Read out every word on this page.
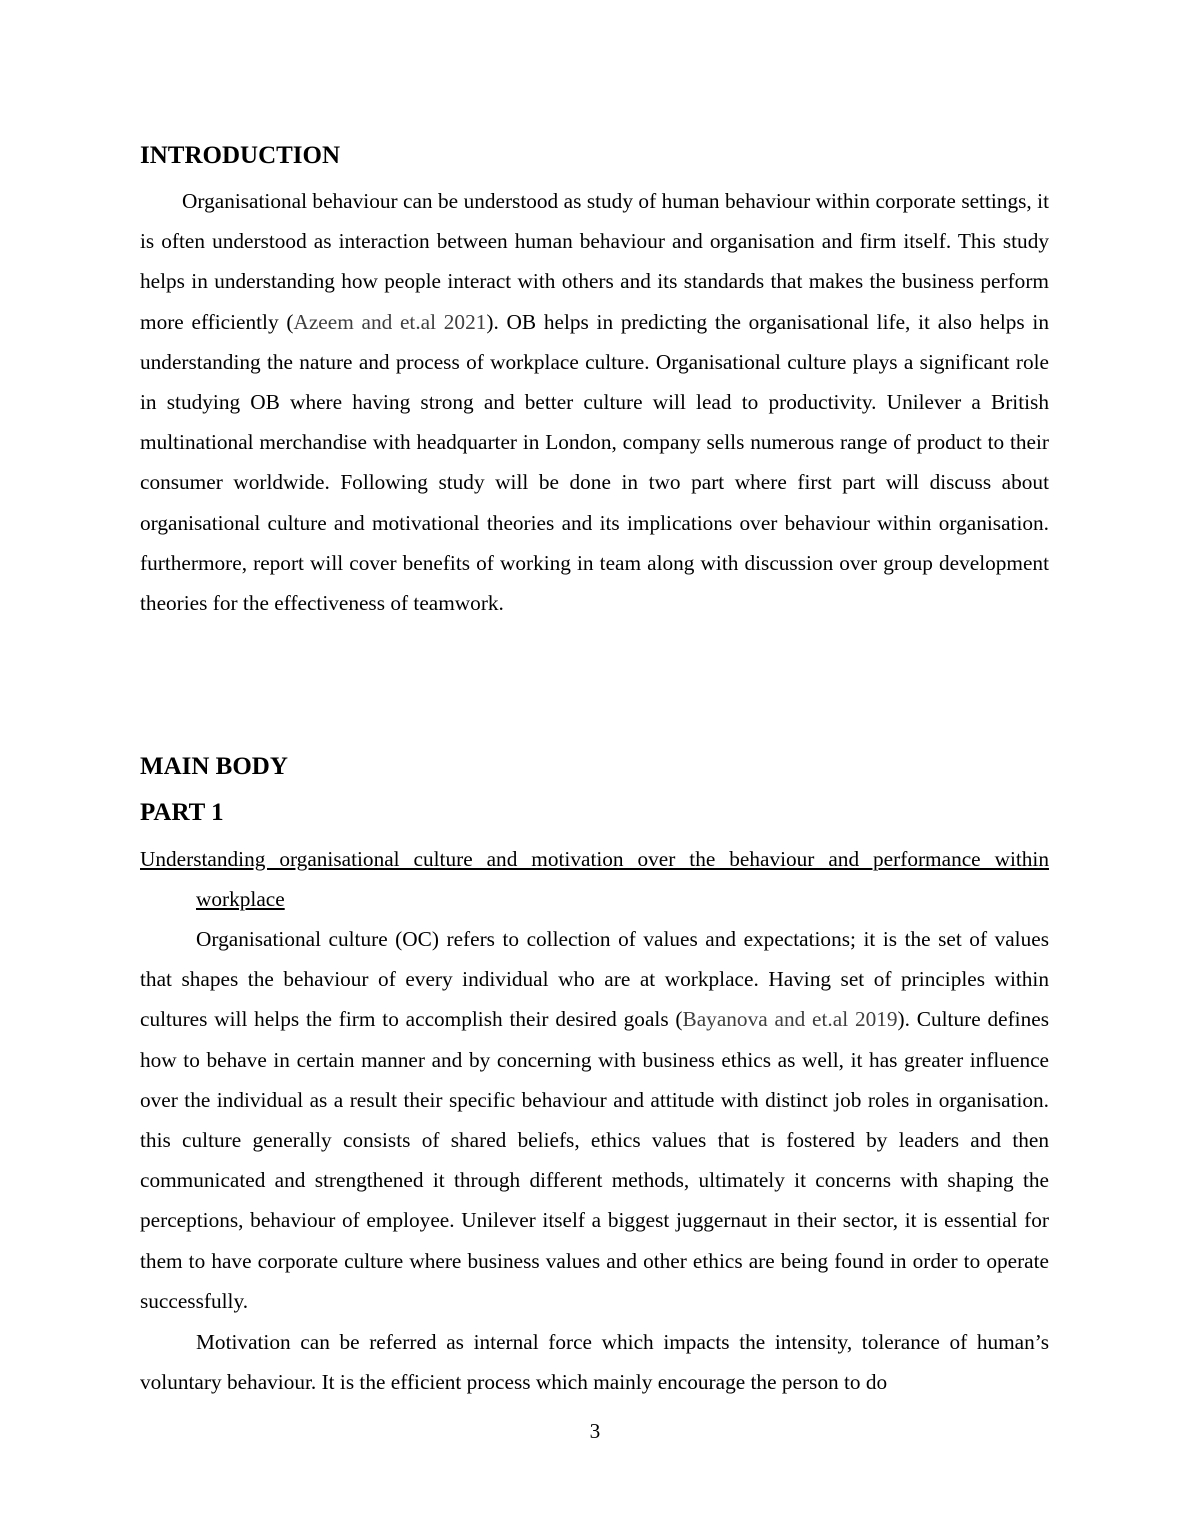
INTRODUCTION

Organisational behaviour can be understood as study of human behaviour within corporate settings, it is often understood as interaction between human behaviour and organisation and firm itself. This study helps in understanding how people interact with others and its standards that makes the business perform more efficiently (Azeem and et.al 2021). OB helps in predicting the organisational life, it also helps in understanding the nature and process of workplace culture. Organisational culture plays a significant role in studying OB where having strong and better culture will lead to productivity. Unilever a British multinational merchandise with headquarter in London, company sells numerous range of product to their consumer worldwide. Following study will be done in two part where first part will discuss about organisational culture and motivational theories and its implications over behaviour within organisation. furthermore, report will cover benefits of working in team along with discussion over group development theories for the effectiveness of teamwork.

MAIN BODY
PART 1

Understanding organisational culture and motivation over the behaviour and performance within
workplace

Organisational culture (OC) refers to collection of values and expectations; it is the set of values that shapes the behaviour of every individual who are at workplace. Having set of principles within cultures will helps the firm to accomplish their desired goals (Bayanova and et.al 2019). Culture defines how to behave in certain manner and by concerning with business ethics as well, it has greater influence over the individual as a result their specific behaviour and attitude with distinct job roles in organisation. this culture generally consists of shared beliefs, ethics values that is fostered by leaders and then communicated and strengthened it through different methods, ultimately it concerns with shaping the perceptions, behaviour of employee. Unilever itself a biggest juggernaut in their sector, it is essential for them to have corporate culture where business values and other ethics are being found in order to operate successfully.

Motivation can be referred as internal force which impacts the intensity, tolerance of human’s voluntary behaviour. It is the efficient process which mainly encourage the person to do

3
